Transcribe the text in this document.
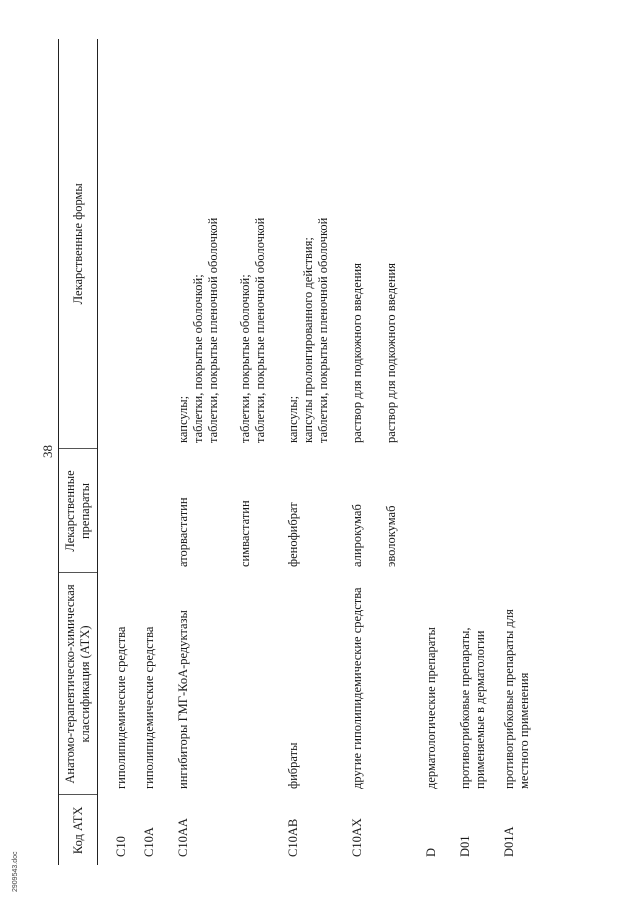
38
Код АТХ	Анатомо-терапевтическо-химическая классификация (АТХ)	Лекарственные препараты	Лекарственные формы
C10	гиполипидемические средства		
C10A	гиполипидемические средства		
C10AA	ингибиторы ГМГ-КоА-редуктазы	аторвастатин	капсулы;
таблетки, покрытые оболочкой;
таблетки, покрытые пленочной оболочкой
		симвастатин	таблетки, покрытые оболочкой;
таблетки, покрытые пленочной оболочкой
C10AB	фибраты	фенофибрат	капсулы;
капсулы пролонгированного действия;
таблетки, покрытые пленочной оболочкой
C10AX	другие гиполипидемические средства	алирокумаб	раствор для подкожного введения
		эволокумаб	раствор для подкожного введения
D	дерматологические препараты		
D01	противогрибковые препараты, применяемые в дерматологии		
D01A	противогрибковые препараты для местного применения		
2909543.doc
